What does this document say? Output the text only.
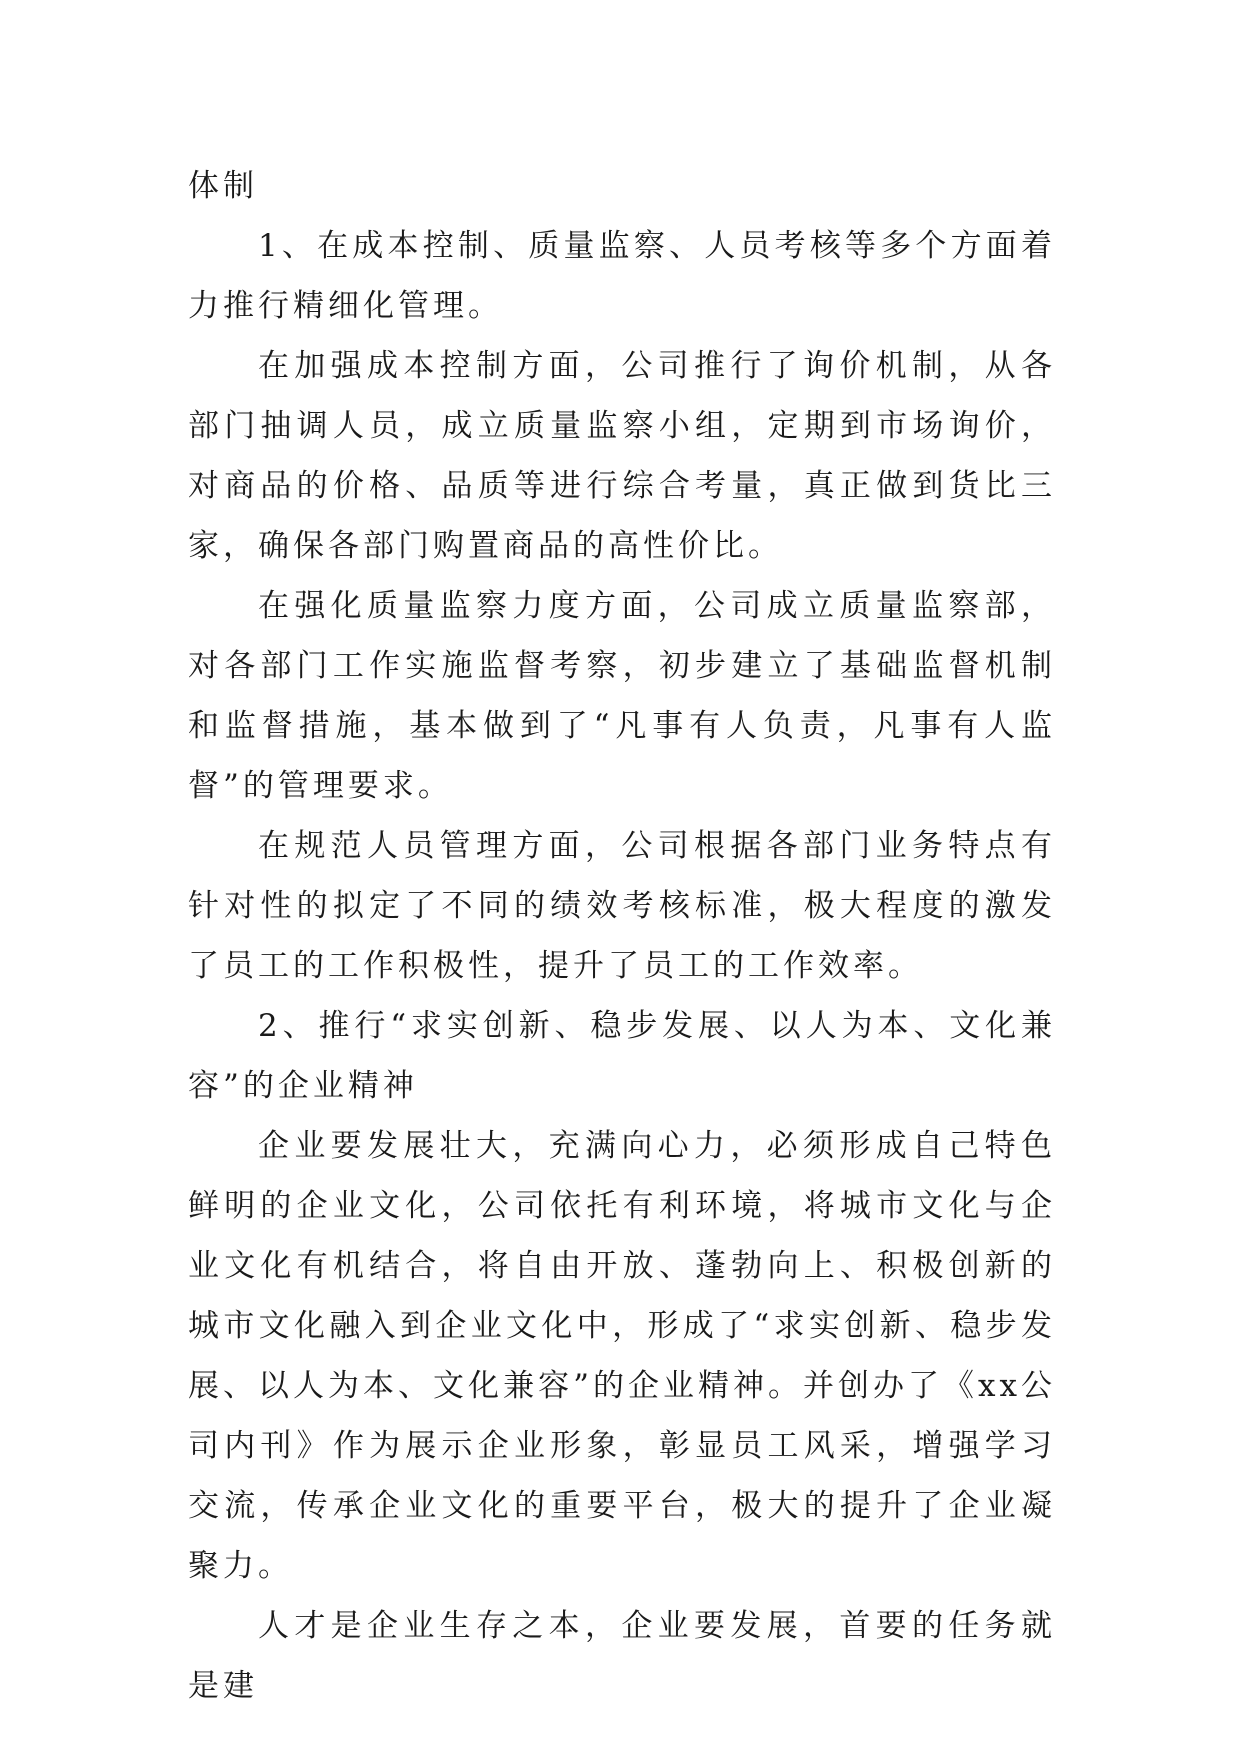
体制

1、在成本控制、质量监察、人员考核等多个方面着力推行精细化管理。

在加强成本控制方面，公司推行了询价机制，从各部门抽调人员，成立质量监察小组，定期到市场询价，对商品的价格、品质等进行综合考量，真正做到货比三家，确保各部门购置商品的高性价比。

在强化质量监察力度方面，公司成立质量监察部，对各部门工作实施监督考察，初步建立了基础监督机制和监督措施，基本做到了“凡事有人负责，凡事有人监督”的管理要求。

在规范人员管理方面，公司根据各部门业务特点有针对性的拟定了不同的绩效考核标准，极大程度的激发了员工的工作积极性，提升了员工的工作效率。

2、推行“求实创新、稳步发展、以人为本、文化兼容”的企业精神

企业要发展壮大，充满向心力，必须形成自己特色鲜明的企业文化，公司依托有利环境，将城市文化与企业文化有机结合，将自由开放、蓬勃向上、积极创新的城市文化融入到企业文化中，形成了“求实创新、稳步发展、以人为本、文化兼容”的企业精神。并创办了《xx公司内刊》作为展示企业形象，彰显员工风采，增强学习交流，传承企业文化的重要平台，极大的提升了企业凝聚力。

人才是企业生存之本，企业要发展，首要的任务就是建
